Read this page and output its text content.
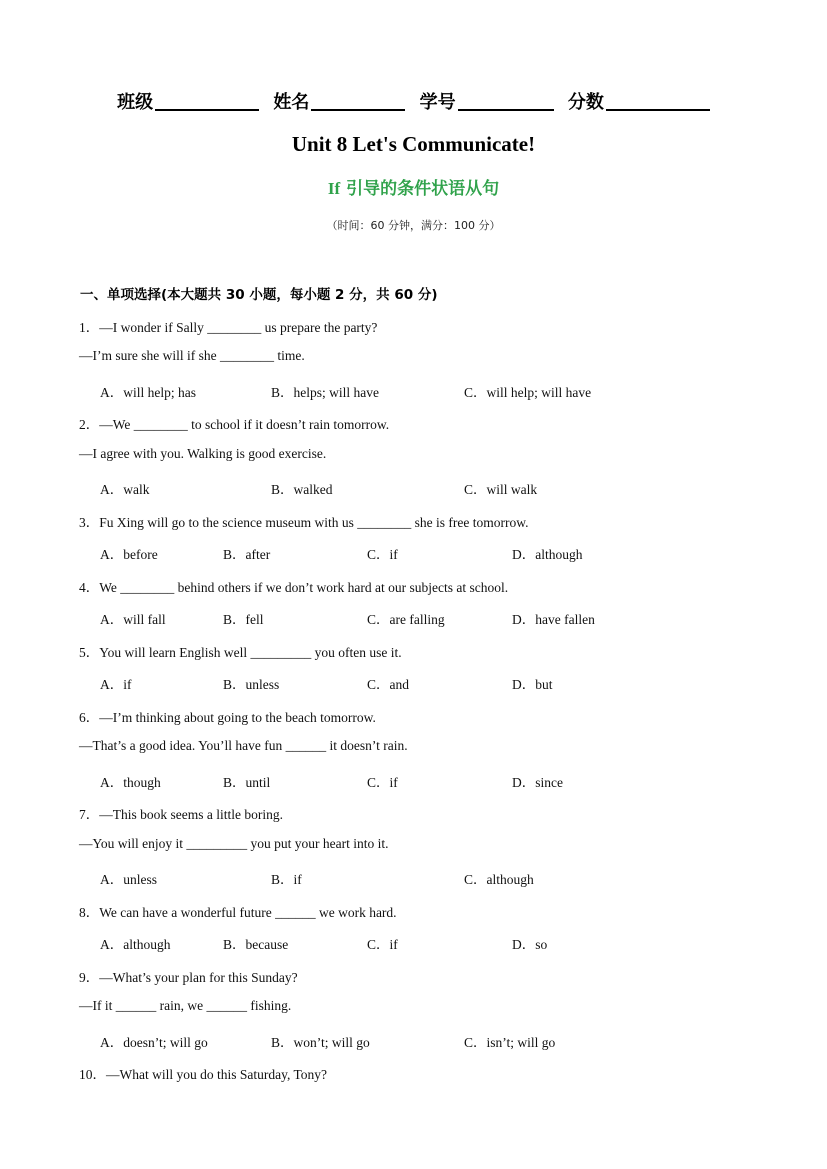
班级	姓名	学号	分数
Unit 8 Let's Communicate!
If 引导的条件状语从句
（时间：60 分钟，满分：100 分）
一、单项选择(本大题共 30 小题，每小题 2 分，共 60 分)
1．—I wonder if Sally ________ us prepare the party?
—I’m sure she will if she ________ time.
A．will help; has	B．helps; will have	C．will help; will have
2．—We ________ to school if it doesn’t rain tomorrow.
—I agree with you. Walking is good exercise.
A．walk	B．walked	C．will walk
3．Fu Xing will go to the science museum with us ________ she is free tomorrow.
A．before	B．after	C．if	D．although
4．We ________ behind others if we don’t work hard at our subjects at school.
A．will fall	B．fell	C．are falling	D．have fallen
5．You will learn English well _________ you often use it.
A．if	B．unless	C．and	D．but
6．—I’m thinking about going to the beach tomorrow.
—That’s a good idea. You’ll have fun ______ it doesn’t rain.
A．though	B．until	C．if	D．since
7．—This book seems a little boring.
—You will enjoy it _________ you put your heart into it.
A．unless	B．if	C．although
8．We can have a wonderful future ______ we work hard.
A．although	B．because	C．if	D．so
9．—What’s your plan for this Sunday?
—If it ______ rain, we ______ fishing.
A．doesn’t; will go	B．won’t; will go	C．isn’t; will go
10．—What will you do this Saturday, Tony?
